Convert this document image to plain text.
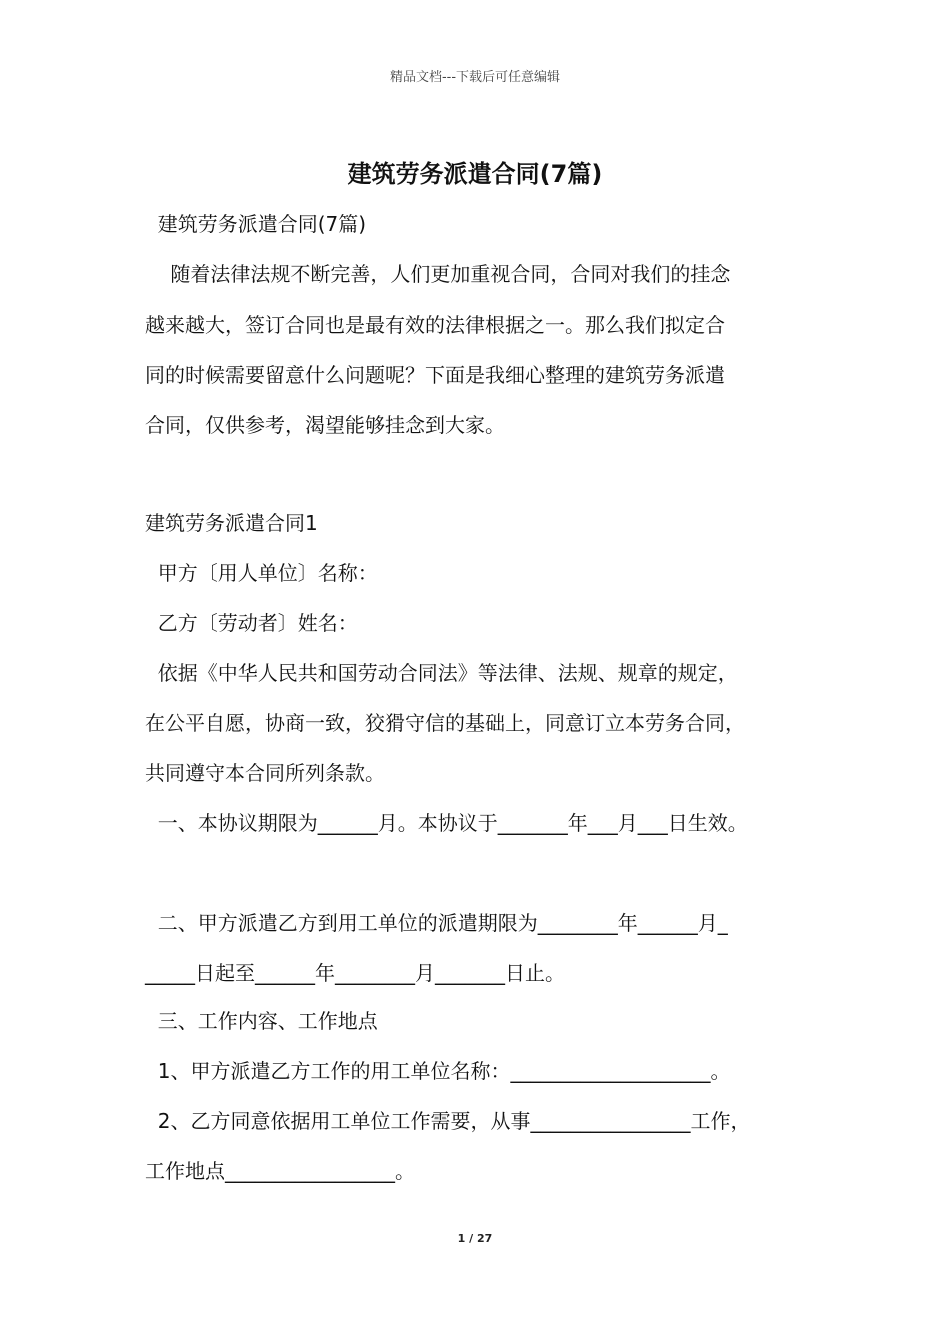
精品文档---下载后可任意编辑
建筑劳务派遣合同(7篇)
建筑劳务派遣合同(7篇)
随着法律法规不断完善，人们更加重视合同，合同对我们的挂念
越来越大，签订合同也是最有效的法律根据之一。那么我们拟定合
同的时候需要留意什么问题呢？下面是我细心整理的建筑劳务派遣
合同，仅供参考，渴望能够挂念到大家。
建筑劳务派遣合同1
甲方〔用人单位〕名称：
乙方〔劳动者〕姓名：
依据《中华人民共和国劳动合同法》等法律、法规、规章的规定，
在公平自愿，协商一致，狡猾守信的基础上，同意订立本劳务合同，
共同遵守本合同所列条款。
一、本协议期限为______月。本协议于_______年___月___日生效。
二、甲方派遣乙方到用工单位的派遣期限为________年______月_
_____日起至______年________月_______日止。
三、工作内容、工作地点
1、甲方派遣乙方工作的用工单位名称：____________________。
2、乙方同意依据用工单位工作需要，从事________________工作，
工作地点_________________。
1 / 27
